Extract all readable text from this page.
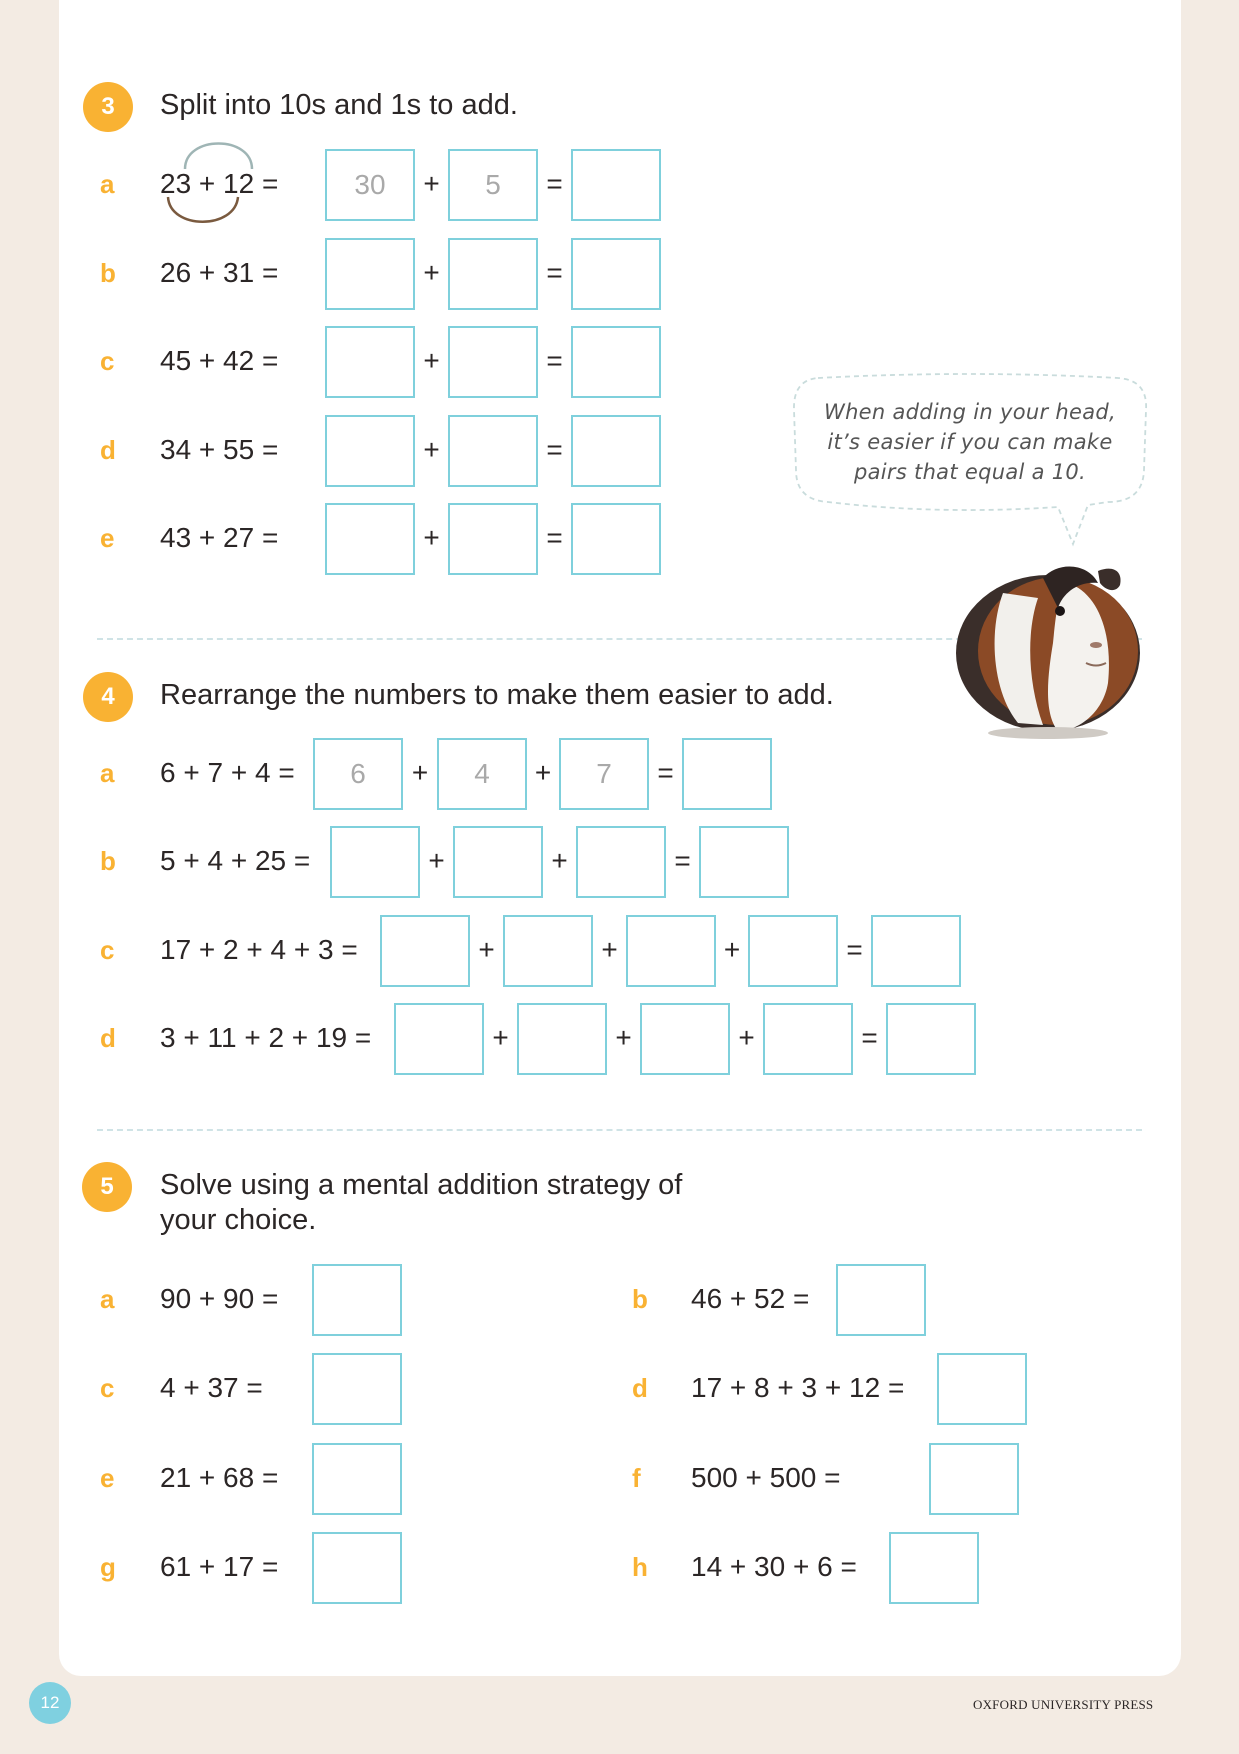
3	Split into 10s and 1s to add.
a 23 + 12 =	30	+	5	=
b 26 + 31 =	+	=
c 45 + 42 =	+	=
d 34 + 55 =	+	=
e 43 + 27 =	+	=
When adding in your head,
it’s easier if you can make
pairs that equal a 10.
4	Rearrange the numbers to make them easier to add.
a 6 + 7 + 4 =	6	+	4	+	7	=
b 5 + 4 + 25 =	+	+	=
c 17 + 2 + 4 + 3 =	+	+	+	=
d 3 + 11 + 2 + 19 =	+	+	+	=
5	Solve using a mental addition strategy of
your choice.
a 90 + 90 =	b 46 + 52 =
c 4 + 37 =	d 17 + 8 + 3 + 12 =
e 21 + 68 =	f 500 + 500 =
g 61 + 17 =	h 14 + 30 + 6 =
12	OXFORD UNIVERSITY PRESS
